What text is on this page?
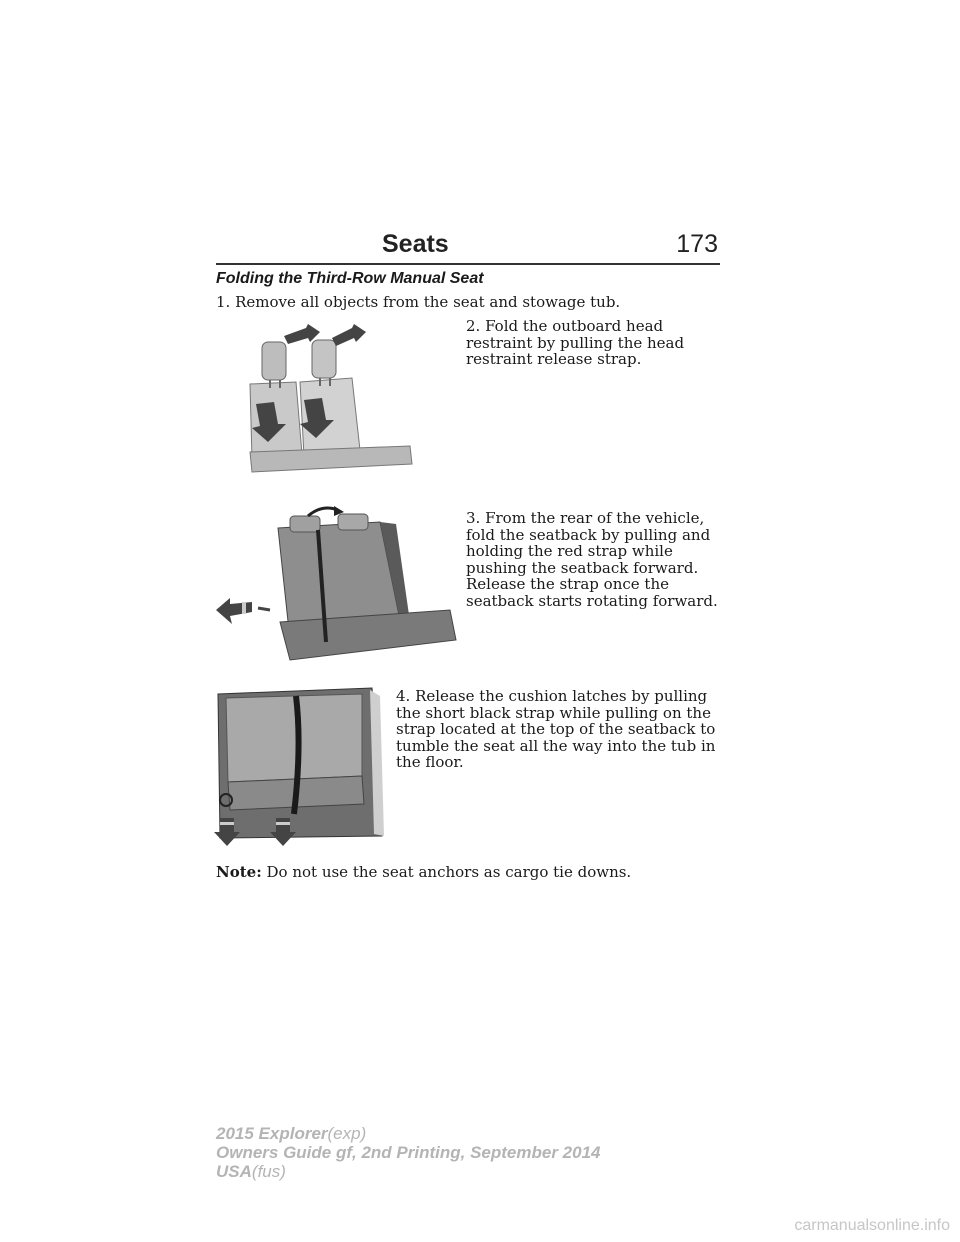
Seats	173
Folding the Third-Row Manual Seat

1. Remove all objects from the seat and stowage tub.

2. Fold the outboard head restraint by pulling the head restraint release strap.

3. From the rear of the vehicle, fold the seatback by pulling and holding the red strap while pushing the seatback forward. Release the strap once the seatback starts rotating forward.

4. Release the cushion latches by pulling the short black strap while pulling on the strap located at the top of the seatback to tumble the seat all the way into the tub in the floor.

Note: Do not use the seat anchors as cargo tie downs.

2015 Explorer(exp)
Owners Guide gf, 2nd Printing, September 2014
USA(fus)
carmanualsonline.info
